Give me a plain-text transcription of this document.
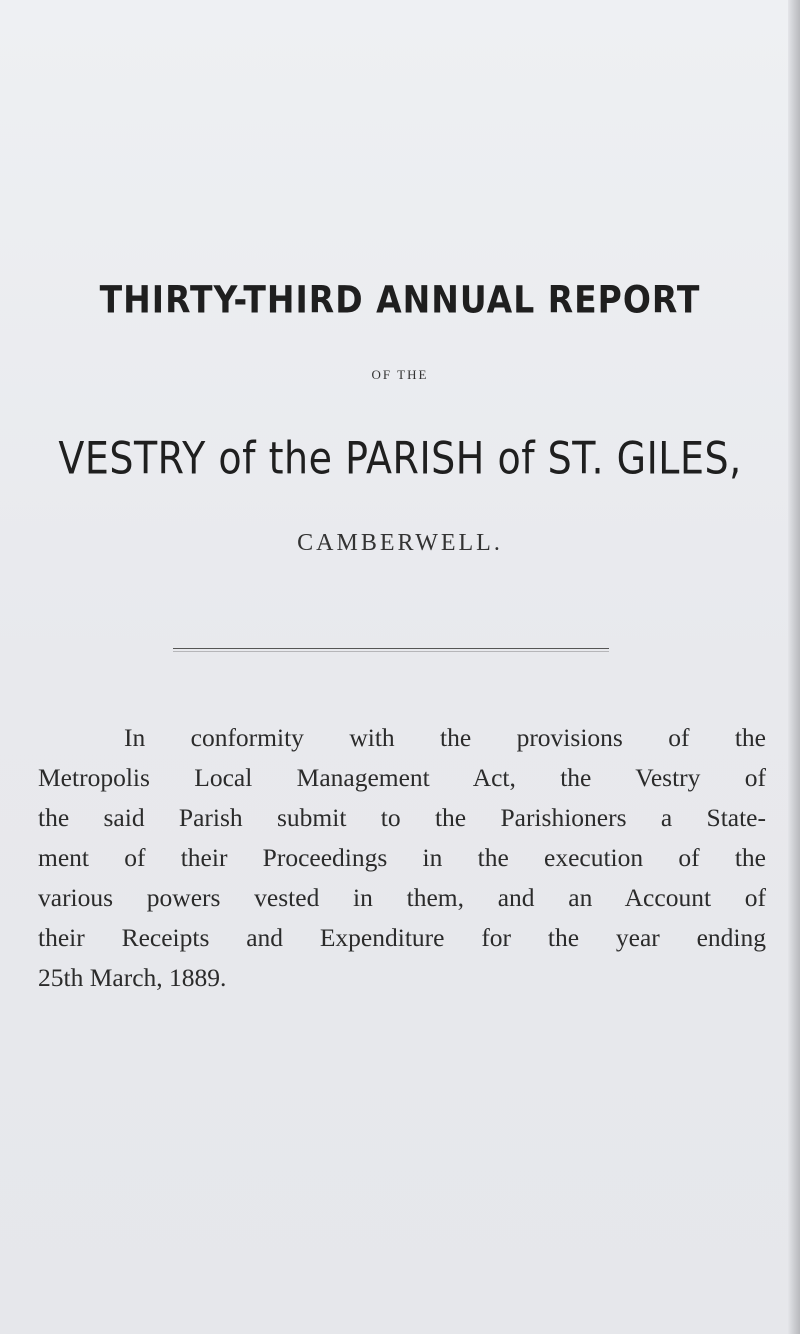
THIRTY-THIRD ANNUAL REPORT
OF THE
VESTRY of the PARISH of ST. GILES,
CAMBERWELL.
In conformity with the provisions of the
Metropolis Local Management Act, the Vestry of
the said Parish submit to the Parishioners a State-
ment of their Proceedings in the execution of the
various powers vested in them, and an Account of
their Receipts and Expenditure for the year ending
25th March, 1889.
